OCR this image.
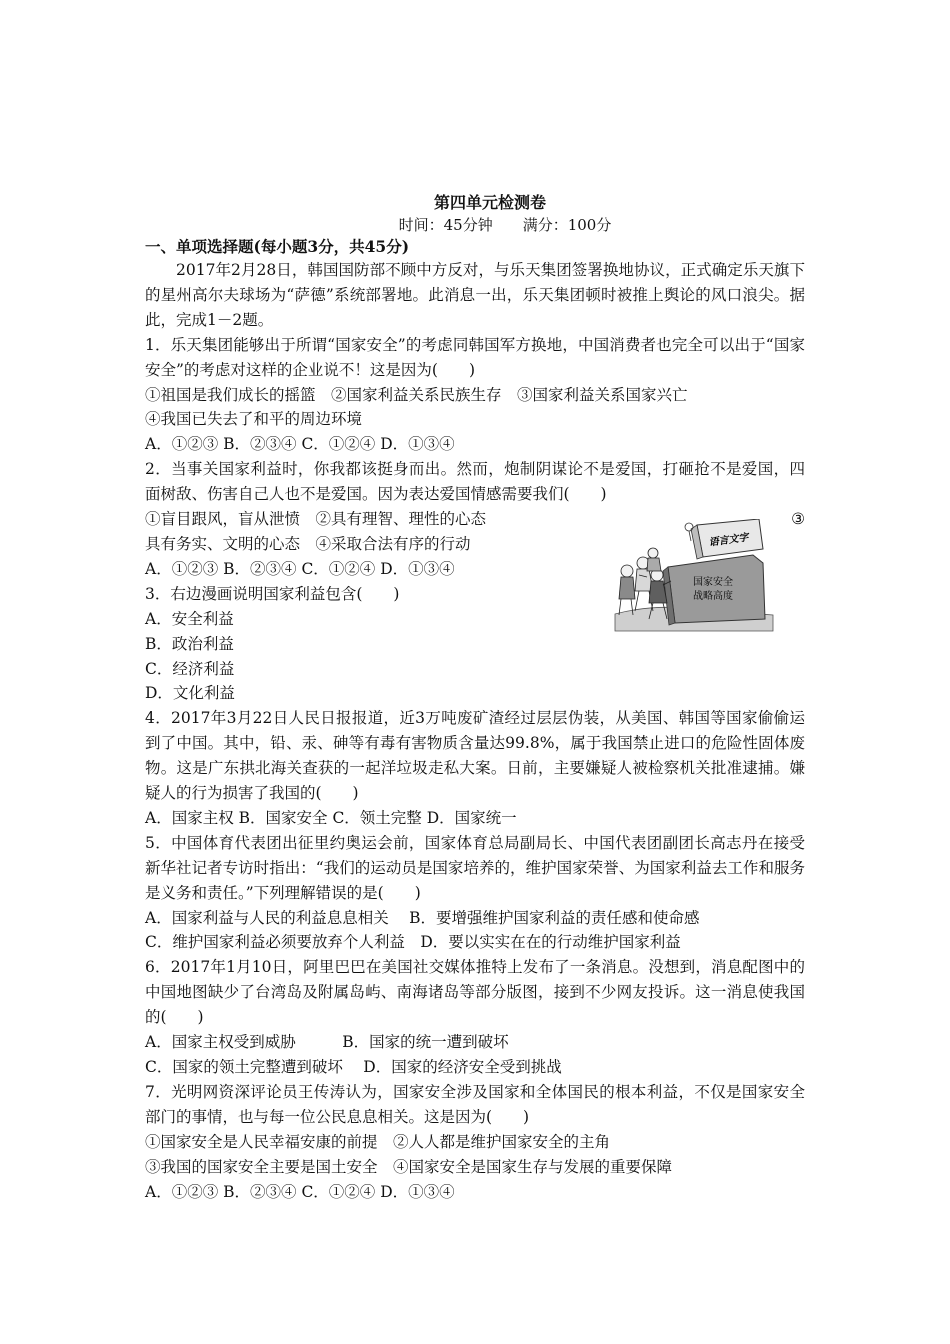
第四单元检测卷
时间：45分钟 满分：100分
一、单项选择题(每小题3分，共45分)
2017年2月28日，韩国国防部不顾中方反对，与乐天集团签署换地协议，正式确定乐天旗下的星州高尔夫球场为“萨德”系统部署地。此消息一出，乐天集团顿时被推上舆论的风口浪尖。据此，完成1－2题。
1．乐天集团能够出于所谓“国家安全”的考虑同韩国军方换地，中国消费者也完全可以出于“国家安全”的考虑对这样的企业说不！这是因为(　　)
①祖国是我们成长的摇篮　②国家利益关系民族生存　③国家利益关系国家兴亡
④我国已失去了和平的周边环境
A．①②③ B．②③④ C．①②④ D．①③④
2．当事关国家利益时，你我都该挺身而出。然而，炮制阴谋论不是爱国，打砸抢不是爱国，四面树敌、伤害自己人也不是爱国。因为表达爱国情感需要我们(　　)
①盲目跟风，盲从泄愤　②具有理智、理性的心态	③
具有务实、文明的心态　④采取合法有序的行动
A．①②③ B．②③④ C．①②④ D．①③④
3．右边漫画说明国家利益包含(　　)
A．安全利益
B．政治利益
C．经济利益
D．文化利益
4．2017年3月22日人民日报报道，近3万吨废矿渣经过层层伪装，从美国、韩国等国家偷偷运到了中国。其中，铅、汞、砷等有毒有害物质含量达99.8%，属于我国禁止进口的危险性固体废物。这是广东拱北海关查获的一起洋垃圾走私大案。日前，主要嫌疑人被检察机关批准逮捕。嫌疑人的行为损害了我国的(　　)
A．国家主权 B．国家安全 C．领土完整 D．国家统一
5．中国体育代表团出征里约奥运会前，国家体育总局副局长、中国代表团副团长高志丹在接受新华社记者专访时指出：“我们的运动员是国家培养的，维护国家荣誉、为国家利益去工作和服务是义务和责任。”下列理解错误的是(　　)
A．国家利益与人民的利益息息相关　 B．要增强维护国家利益的责任感和使命感
C．维护国家利益必须要放弃个人利益　D．要以实实在在的行动维护国家利益
6．2017年1月10日，阿里巴巴在美国社交媒体推特上发布了一条消息。没想到，消息配图中的中国地图缺少了台湾岛及附属岛屿、南海诸岛等部分版图，接到不少网友投诉。这一消息使我国的(　　)
A．国家主权受到威胁　　　B．国家的统一遭到破坏
C．国家的领土完整遭到破坏　 D．国家的经济安全受到挑战
7．光明网资深评论员王传涛认为，国家安全涉及国家和全体国民的根本利益，不仅是国家安全部门的事情，也与每一位公民息息相关。这是因为(　　)
①国家安全是人民幸福安康的前提　②人人都是维护国家安全的主角
③我国的国家安全主要是国土安全　④国家安全是国家生存与发展的重要保障
A．①②③ B．②③④ C．①②④ D．①③④
国家安全
战略高度
语言文字
